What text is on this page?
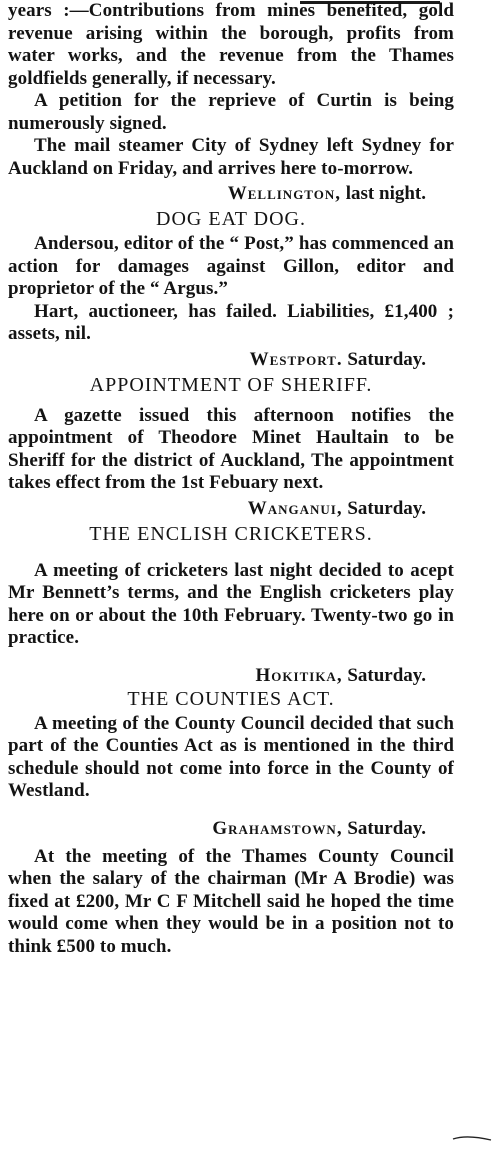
years :—Contributions from mines benefited, gold revenue arising within the borough, profits from water works, and the revenue from the Thames goldfields generally, if necessary.

A petition for the reprieve of Curtin is being numerously signed.

The mail steamer City of Sydney left Sydney for Auckland on Friday, and arrives here to-morrow.

Wellington, last night.
DOG EAT DOG.

Andersou, editor of the “ Post,” has commenced an action for damages against Gillon, editor and proprietor of the “ Argus.”

Hart, auctioneer, has failed. Liabilities, £1,400 ; assets, nil.

Westport. Saturday.
APPOINTMENT OF SHERIFF.

A gazette issued this afternoon notifies the appointment of Theodore Minet Haultain to be Sheriff for the district of Auckland, The appointment takes effect from the 1st Febuary next.

Wanganui, Saturday.
THE ENCLISH CRICKETERS.

A meeting of cricketers last night decided to acept Mr Bennett’s terms, and the English cricketers play here on or about the 10th February. Twenty-two go in practice.

Hokitika, Saturday.
THE COUNTIES ACT.

A meeting of the County Council decided that such part of the Counties Act as is mentioned in the third schedule should not come into force in the County of Westland.

Grahamstown, Saturday.

At the meeting of the Thames County Council when the salary of the chairman (Mr A Brodie) was fixed at £200, Mr C F Mitchell said he hoped the time would come when they would be in a position not to think £500 to much.
